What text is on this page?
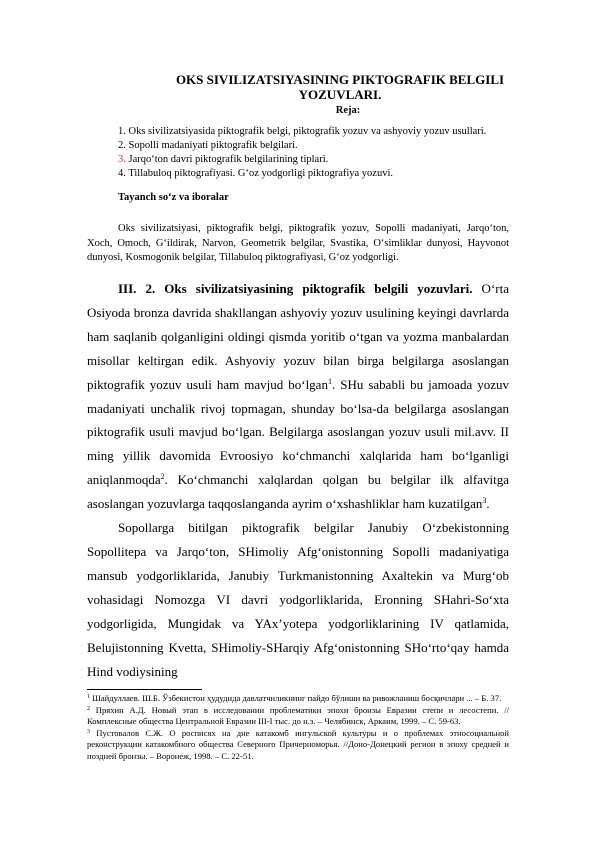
OKS SIVILIZATSIYASINING PIKTOGRAFIK BELGILI YOZUVLARI.
Reja:
1. Oks sivilizatsiyasida piktografik belgi, piktografik yozuv va ashyoviy yozuv usullari.
2. Sopolli madaniyati piktografik belgilari.
3. Jarqo‘ton davri piktografik belgilarining tiplari.
4. Tillabuloq piktografiyasi. G‘oz yodgorligi piktografiya yozuvi.
Tayanch so‘z va iboralar
Oks sivilizatsiyasi, piktografik belgi, piktografik yozuv, Sopolli madaniyati, Jarqo‘ton, Xoch, Omoch, G‘ildirak, Narvon, Geometrik belgilar, Svastika, O‘simliklar dunyosi, Hayvonot dunyosi, Kosmogonik belgilar, Tillabuloq piktografiyasi, G‘oz yodgorligi.

III. 2. Oks sivilizatsiyasining piktografik belgili yozuvlari. O‘rta Osiyoda bronza davrida shakllangan ashyoviy yozuv usulining keyingi davrlarda ham saqlanib qolganligini oldingi qismda yoritib o‘tgan va yozma manbalardan misollar keltirgan edik. Ashyoviy yozuv bilan birga belgilarga asoslangan piktografik yozuv usuli ham mavjud bo‘lgan$^1$. SHu sababli bu jamoada yozuv madaniyati unchalik rivoj topmagan, shunday bo‘lsa-da belgilarga asoslangan piktografik usuli mavjud bo‘lgan. Belgilarga asoslangan yozuv usuli mil.avv. II ming yillik davomida Evroosiyo ko‘chmanchi xalqlarida ham bo‘lganligi aniqlanmoqda$^2$. Ko‘chmanchi xalqlardan qolgan bu belgilar ilk alfavitga asoslangan yozuvlarga taqqoslanganda ayrim o‘xshashliklar ham kuzatilgan$^3$.

Sopollarga bitilgan piktografik belgilar Janubiy O‘zbekistonning Sopollitepa va Jarqo‘ton, SHimoliy Afg‘onistonning Sopolli madaniyatiga mansub yodgorliklarida, Janubiy Turkmanistonning Axaltekin va Murg‘ob vohasidagi Nomozga VI davri yodgorliklarida, Eronning SHahri-So‘xta yodgorligida, Mungidak va YAx’yotepa yodgorliklarining IV qatlamida, Belujistonning Kvetta, SHimoliy-SHarqiy Afg‘onistonning SHo‘rto‘qay hamda Hind vodiysining

$^1$ Шайдуллаев. Ш.Б. Ўзбекистон ҳудудида давлатчиликнинг пайдо бўлиши ва ривожланиш босқичлари ... – Б. 37.
$^2$ Пряхин А.Д. Новый этап в исследовании проблематики эпохи бронзы Евразии степи и лесостепи. // Комплексные общества Центральной Евразии III-I тыс. до н.э. – Челябинск, Аркаим, 1999. – С. 59-63.
$^3$ Пустовалов С.Ж. О росписях на дне катакомб ингульской культуры и о проблемах этносоциальной реконструкции катакомбного общества Северного Причерноморья. //Доно-Донецкий регион в эпоху средней и поздней бронзы. – Воронеж, 1998. – С. 22-51.
